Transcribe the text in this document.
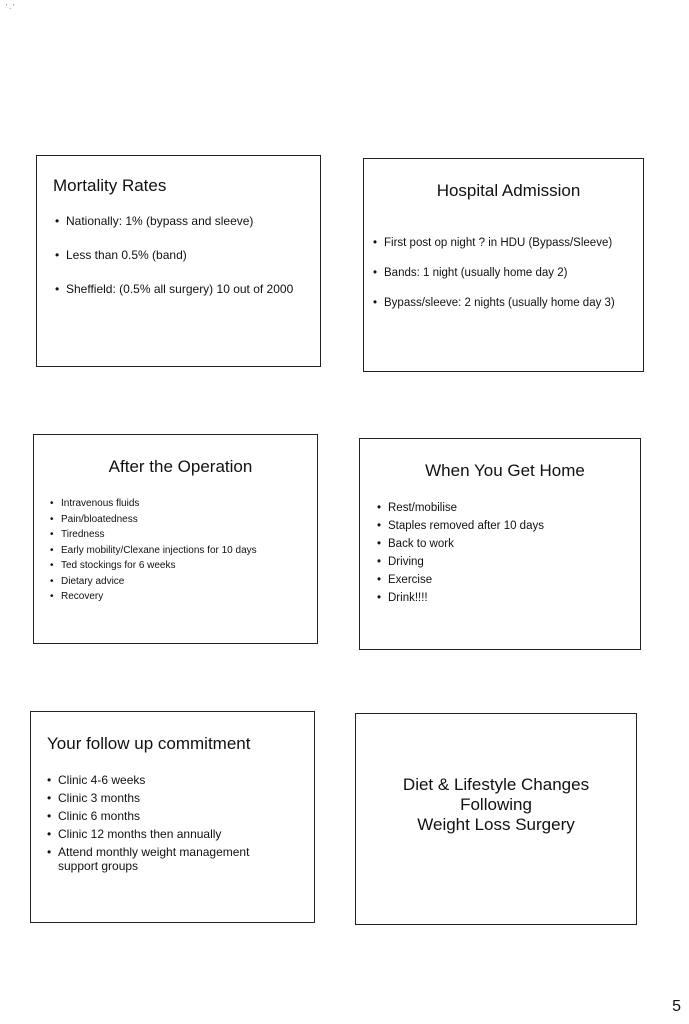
' . '
Mortality Rates
• Nationally: 1% (bypass and sleeve)
• Less than 0.5% (band)
• Sheffield: (0.5% all surgery) 10 out of 2000
Hospital Admission
• First post op night ? in HDU (Bypass/Sleeve)
• Bands: 1 night (usually home day 2)
• Bypass/sleeve: 2 nights (usually home day 3)
After the Operation
• Intravenous fluids
• Pain/bloatedness
• Tiredness
• Early mobility/Clexane injections for 10 days
• Ted stockings for 6 weeks
• Dietary advice
• Recovery
When You Get Home
• Rest/mobilise
• Staples removed after 10 days
• Back to work
• Driving
• Exercise
• Drink!!!!
Your follow up commitment
• Clinic 4-6 weeks
• Clinic 3 months
• Clinic 6 months
• Clinic 12 months then annually
• Attend monthly weight management support groups
Diet & Lifestyle Changes
Following
Weight Loss Surgery
5
